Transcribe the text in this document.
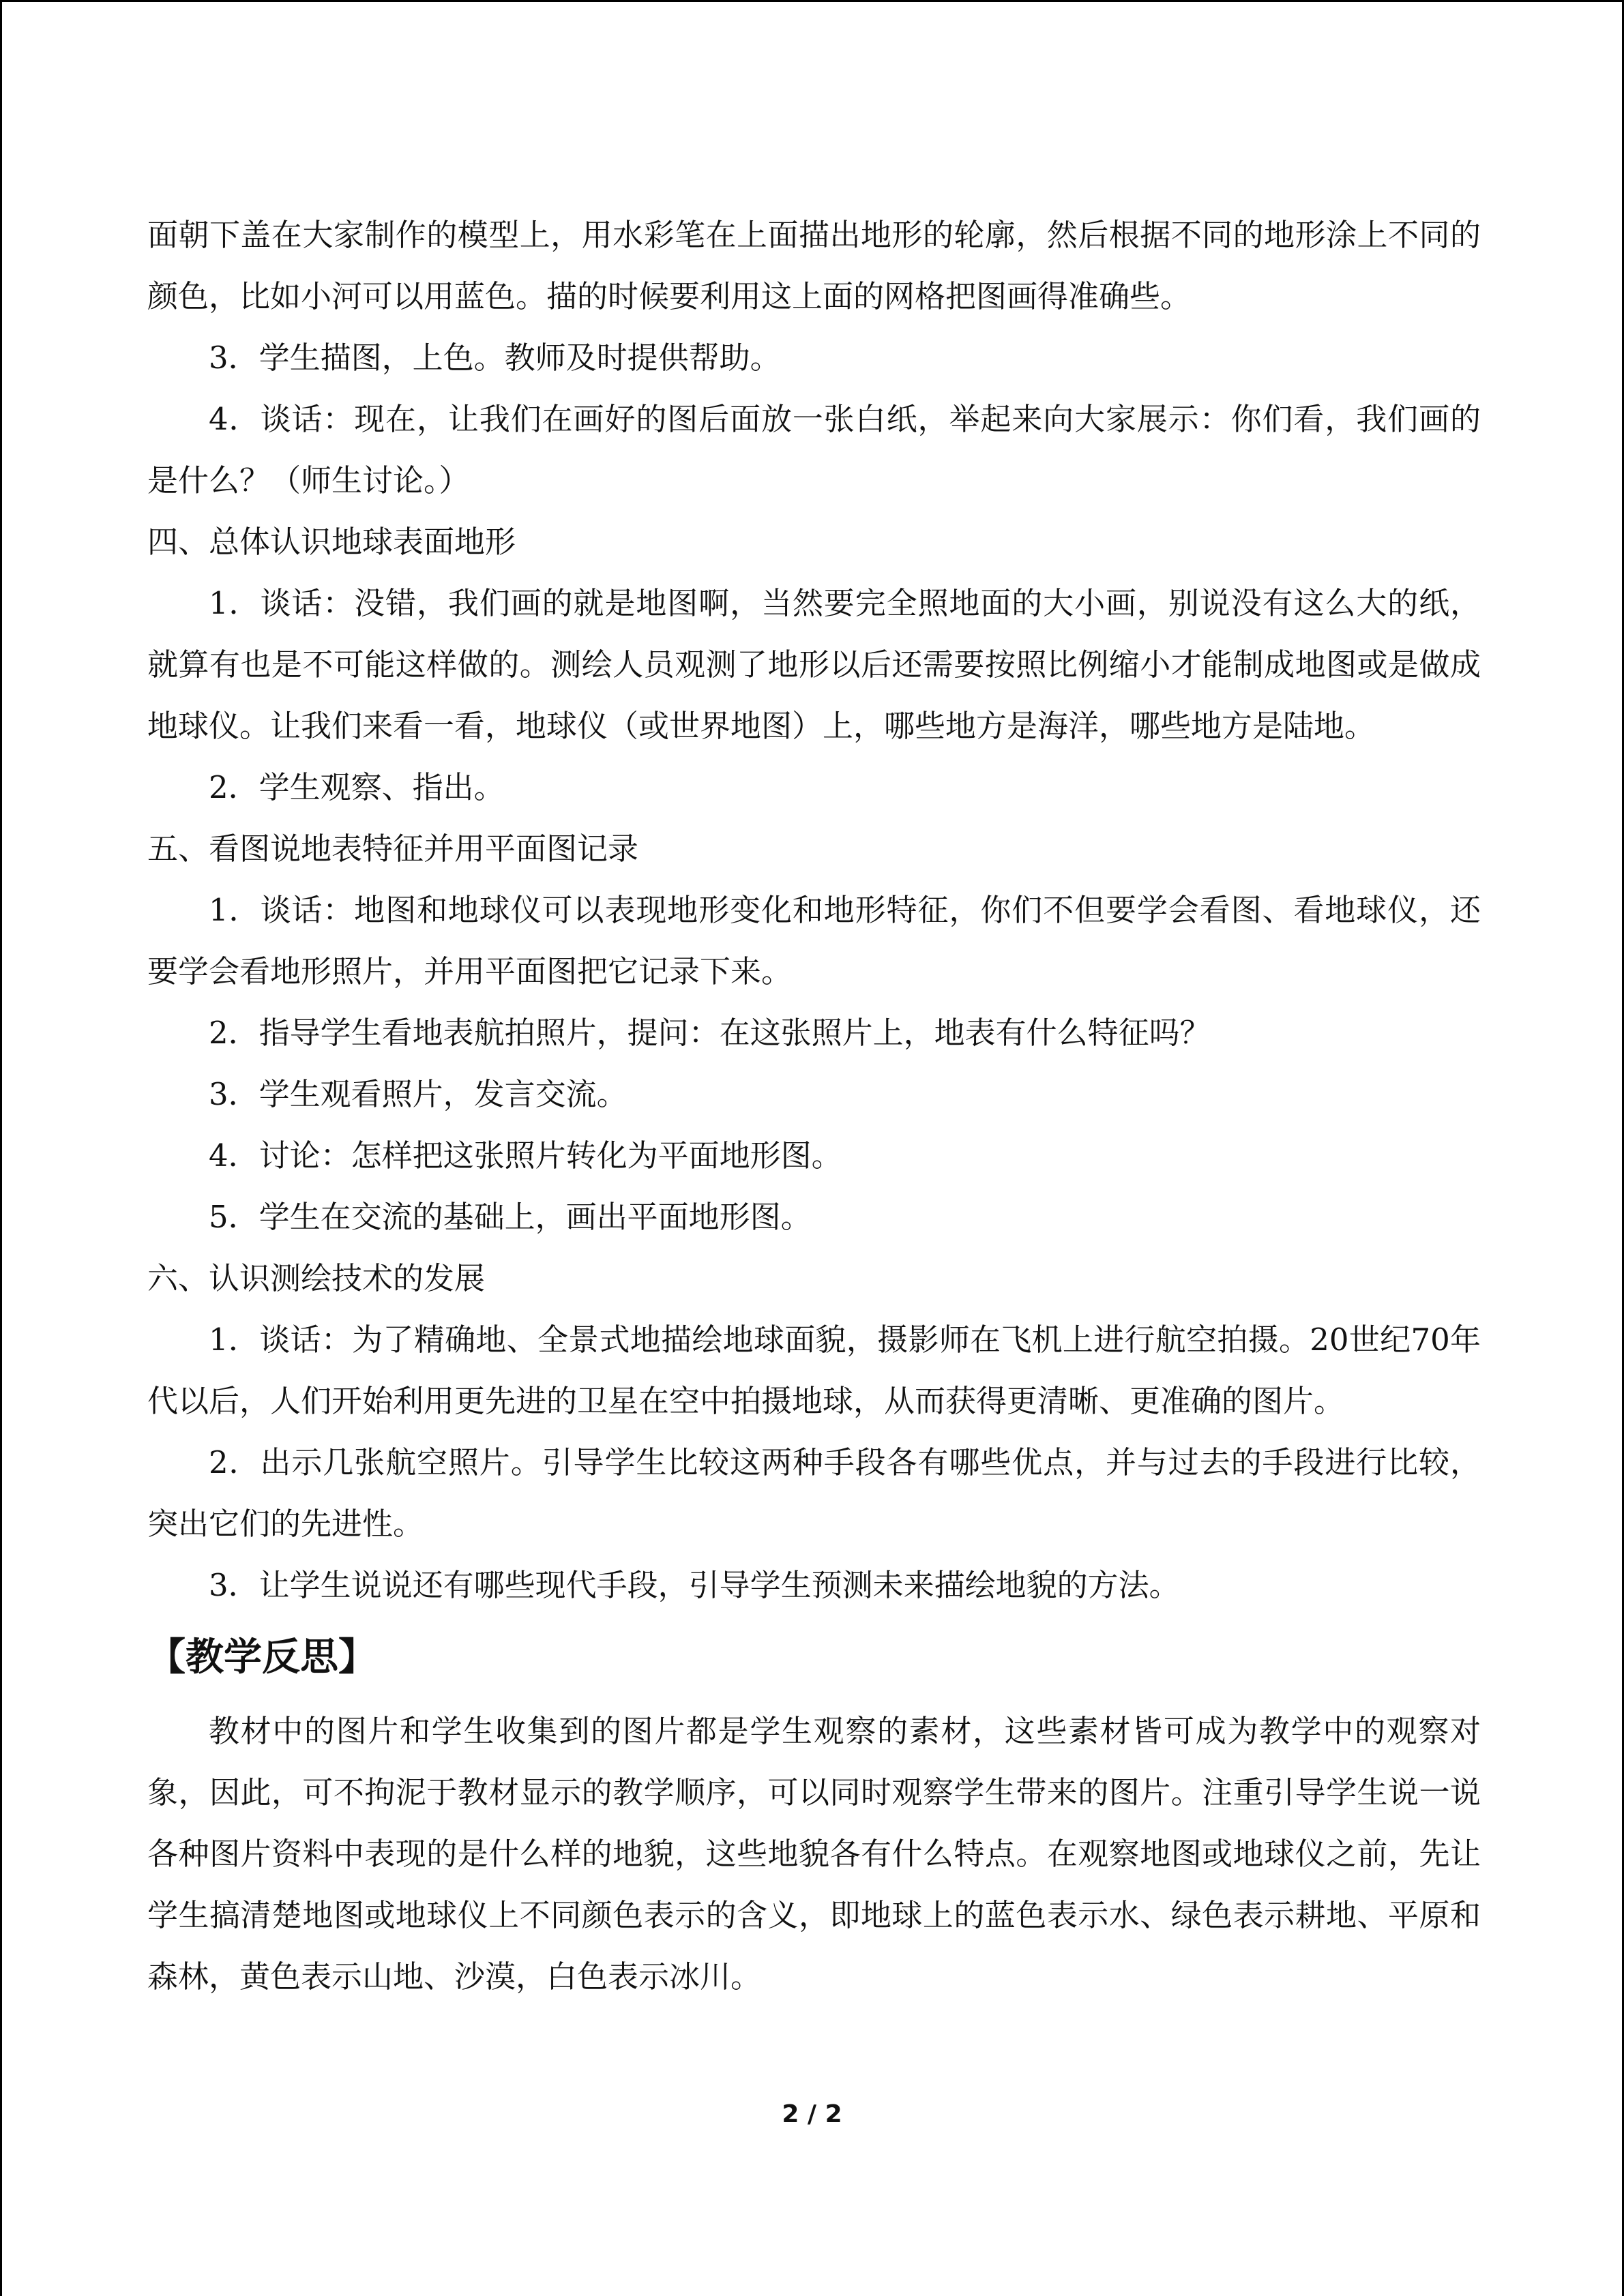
面朝下盖在大家制作的模型上，用水彩笔在上面描出地形的轮廓，然后根据不同的地形涂上不同的颜色，比如小河可以用蓝色。描的时候要利用这上面的网格把图画得准确些。

3．学生描图，上色。教师及时提供帮助。

4．谈话：现在，让我们在画好的图后面放一张白纸，举起来向大家展示：你们看，我们画的是什么？（师生讨论。）

四、总体认识地球表面地形

1．谈话：没错，我们画的就是地图啊，当然要完全照地面的大小画，别说没有这么大的纸，就算有也是不可能这样做的。测绘人员观测了地形以后还需要按照比例缩小才能制成地图或是做成地球仪。让我们来看一看，地球仪（或世界地图）上，哪些地方是海洋，哪些地方是陆地。

2．学生观察、指出。

五、看图说地表特征并用平面图记录

1．谈话：地图和地球仪可以表现地形变化和地形特征，你们不但要学会看图、看地球仪，还要学会看地形照片，并用平面图把它记录下来。

2．指导学生看地表航拍照片，提问：在这张照片上，地表有什么特征吗？

3．学生观看照片，发言交流。

4．讨论：怎样把这张照片转化为平面地形图。

5．学生在交流的基础上，画出平面地形图。

六、认识测绘技术的发展

1．谈话：为了精确地、全景式地描绘地球面貌，摄影师在飞机上进行航空拍摄。20世纪70年代以后，人们开始利用更先进的卫星在空中拍摄地球，从而获得更清晰、更准确的图片。

2．出示几张航空照片。引导学生比较这两种手段各有哪些优点，并与过去的手段进行比较，突出它们的先进性。

3．让学生说说还有哪些现代手段，引导学生预测未来描绘地貌的方法。

【教学反思】

教材中的图片和学生收集到的图片都是学生观察的素材，这些素材皆可成为教学中的观察对象，因此，可不拘泥于教材显示的教学顺序，可以同时观察学生带来的图片。注重引导学生说一说各种图片资料中表现的是什么样的地貌，这些地貌各有什么特点。在观察地图或地球仪之前，先让学生搞清楚地图或地球仪上不同颜色表示的含义，即地球上的蓝色表示水、绿色表示耕地、平原和森林，黄色表示山地、沙漠，白色表示冰川。

2 / 2
